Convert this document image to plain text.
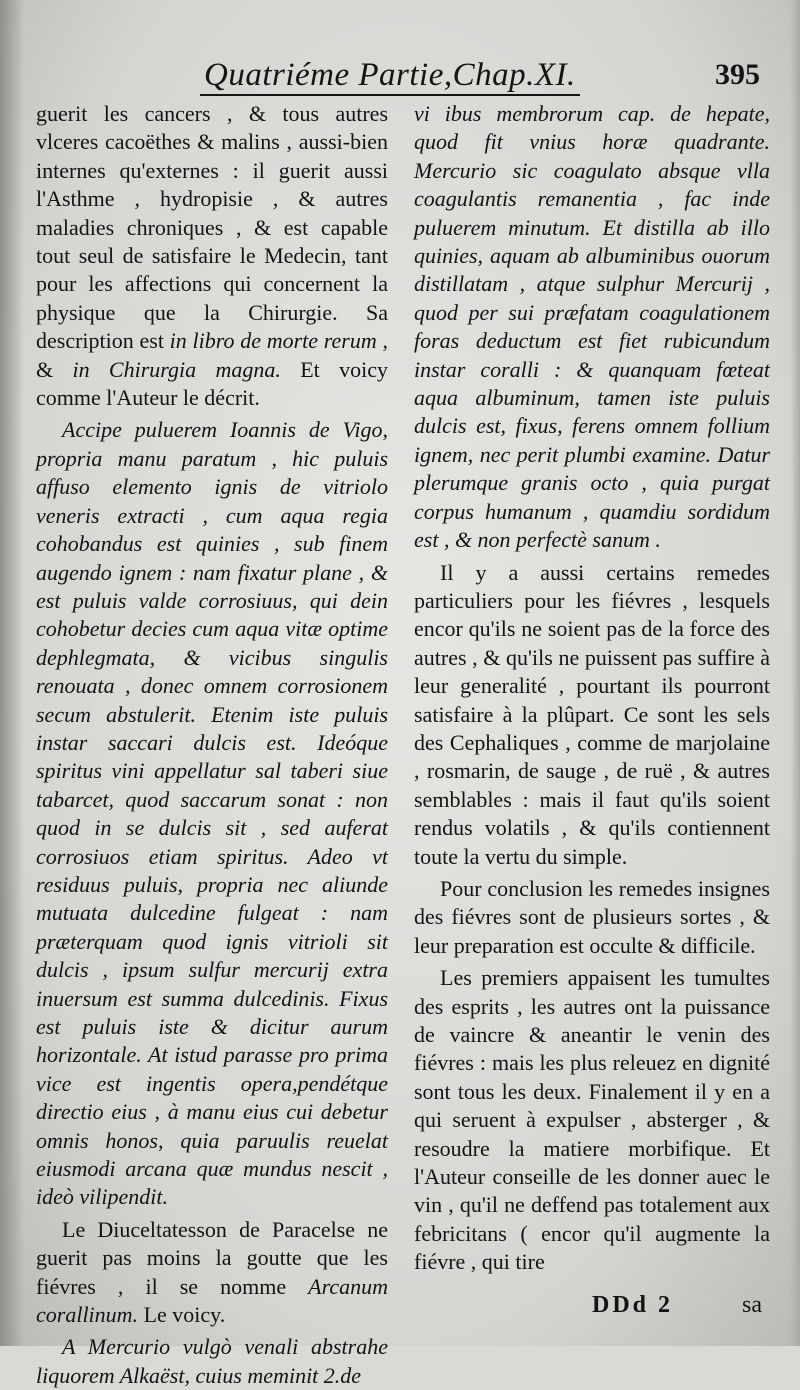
Quatriéme Partie,Chap.XI.	395

guerit les cancers , & tous autres vlceres cacoëthes & malins , aussi-bien internes qu'externes : il guerit aussi l'Asthme , hydropisie , & autres maladies chroniques , & est capable tout seul de satisfaire le Medecin, tant pour les affections qui concernent la physique que la Chirurgie. Sa description est in libro de morte rerum , & in Chirurgia magna. Et voicy comme l'Auteur le décrit.

Accipe puluerem Ioannis de Vigo, propria manu paratum , hic puluis affuso elemento ignis de vitriolo veneris extracti , cum aqua regia cohobandus est quinies , sub finem augendo ignem : nam fixatur plane , & est puluis valde corrosiuus, qui dein cohobetur decies cum aqua vitæ optime dephlegmata, & vicibus singulis renouata , donec omnem corrosionem secum abstulerit. Etenim iste puluis instar saccari dulcis est. Ideóque spiritus vini appellatur sal taberi siue tabarcet, quod saccarum sonat : non quod in se dulcis sit , sed auferat corrosiuos etiam spiritus. Adeo vt residuus puluis, propria nec aliunde mutuata dulcedine fulgeat : nam præterquam quod ignis vitrioli sit dulcis , ipsum sulfur mercurij extra inuersum est summa dulcedinis. Fixus est puluis iste & dicitur aurum horizontale. At istud parasse pro prima vice est ingentis opera,pendétque directio eius , à manu eius cui debetur omnis honos, quia paruulis reuelat eiusmodi arcana quæ mundus nescit , ideò vilipendit.

Le Diuceltatesson de Paracelse ne guerit pas moins la goutte que les fiévres , il se nomme Arcanum corallinum. Le voicy.

A Mercurio vulgò venali abstrahe liquorem Alkaëst, cuius meminit 2.de

vi ibus membrorum cap. de hepate, quod fit vnius horæ quadrante. Mercurio sic coagulato absque vlla coagulantis remanentia , fac inde puluerem minutum. Et distilla ab illo quinies, aquam ab albuminibus ouorum distillatam , atque sulphur Mercurij , quod per sui præfatam coagulationem foras deductum est fiet rubicundum instar coralli : & quanquam fœteat aqua albuminum, tamen iste puluis dulcis est, fixus, ferens omnem follium ignem, nec perit plumbi examine. Datur plerumque granis octo , quia purgat corpus humanum , quamdiu sordidum est , & non perfectè sanum .

Il y a aussi certains remedes particuliers pour les fiévres , lesquels encor qu'ils ne soient pas de la force des autres , & qu'ils ne puissent pas suffire à leur generalité , pourtant ils pourront satisfaire à la plûpart. Ce sont les sels des Cephaliques , comme de marjolaine , rosmarin, de sauge , de ruë , & autres semblables : mais il faut qu'ils soient rendus volatils , & qu'ils contiennent toute la vertu du simple.

Pour conclusion les remedes insignes des fiévres sont de plusieurs sortes , & leur preparation est occulte & difficile.

Les premiers appaisent les tumultes des esprits , les autres ont la puissance de vaincre & aneantir le venin des fiévres : mais les plus releuez en dignité sont tous les deux. Finalement il y en a qui seruent à expulser , absterger , & resoudre la matiere morbifique. Et l'Auteur conseille de les donner auec le vin , qu'il ne deffend pas totalement aux febricitans ( encor qu'il augmente la fiévre , qui tire

DDd 2	sa
